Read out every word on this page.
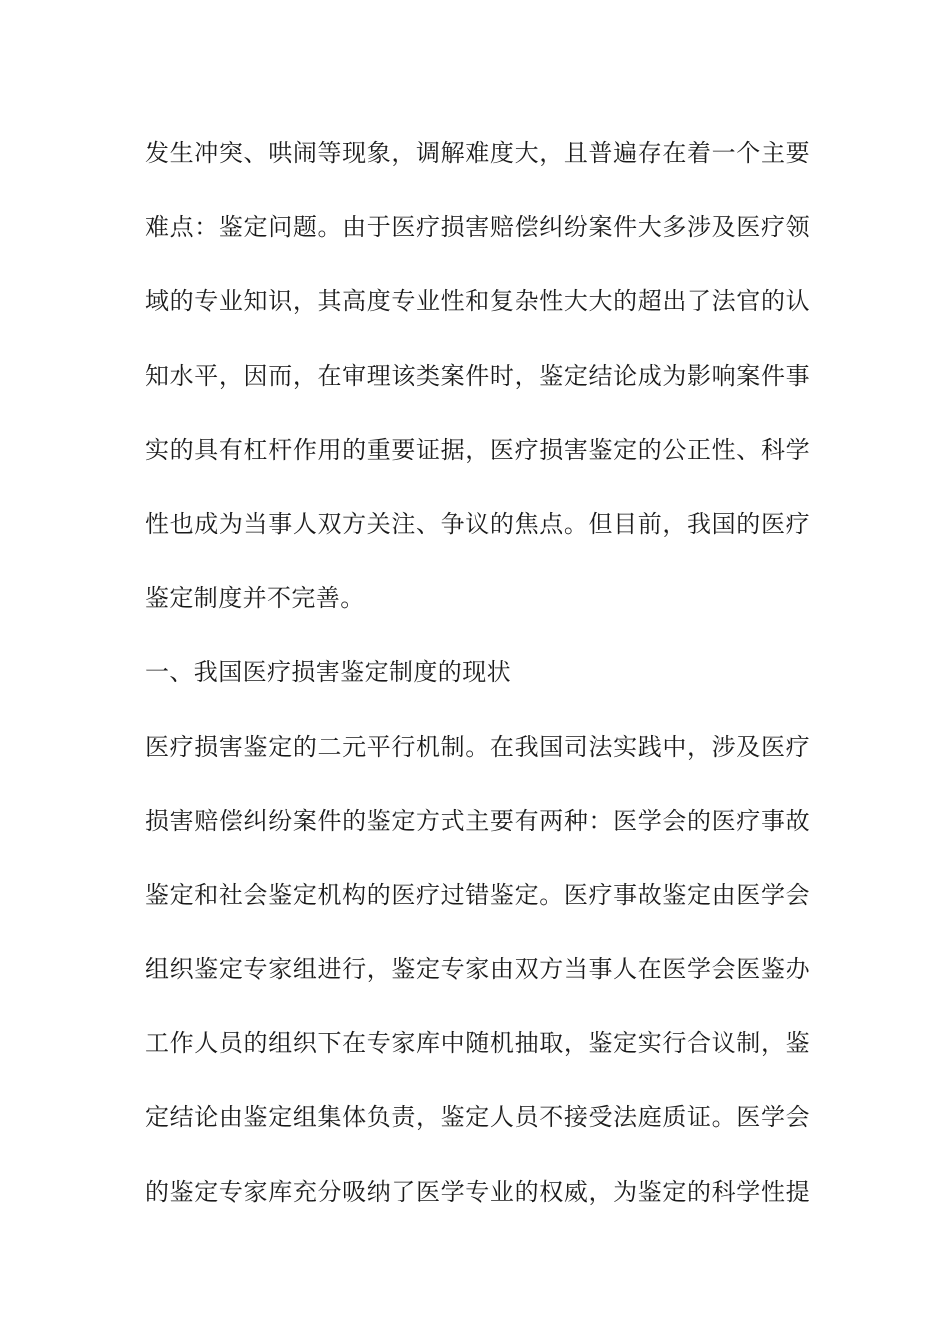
发生冲突、哄闹等现象，调解难度大，且普遍存在着一个主要
难点：鉴定问题。由于医疗损害赔偿纠纷案件大多涉及医疗领
域的专业知识，其高度专业性和复杂性大大的超出了法官的认
知水平，因而，在审理该类案件时，鉴定结论成为影响案件事
实的具有杠杆作用的重要证据，医疗损害鉴定的公正性、科学
性也成为当事人双方关注、争议的焦点。但目前，我国的医疗
鉴定制度并不完善。
一、我国医疗损害鉴定制度的现状
医疗损害鉴定的二元平行机制。在我国司法实践中，涉及医疗
损害赔偿纠纷案件的鉴定方式主要有两种：医学会的医疗事故
鉴定和社会鉴定机构的医疗过错鉴定。医疗事故鉴定由医学会
组织鉴定专家组进行，鉴定专家由双方当事人在医学会医鉴办
工作人员的组织下在专家库中随机抽取，鉴定实行合议制，鉴
定结论由鉴定组集体负责，鉴定人员不接受法庭质证。医学会
的鉴定专家库充分吸纳了医学专业的权威，为鉴定的科学性提
